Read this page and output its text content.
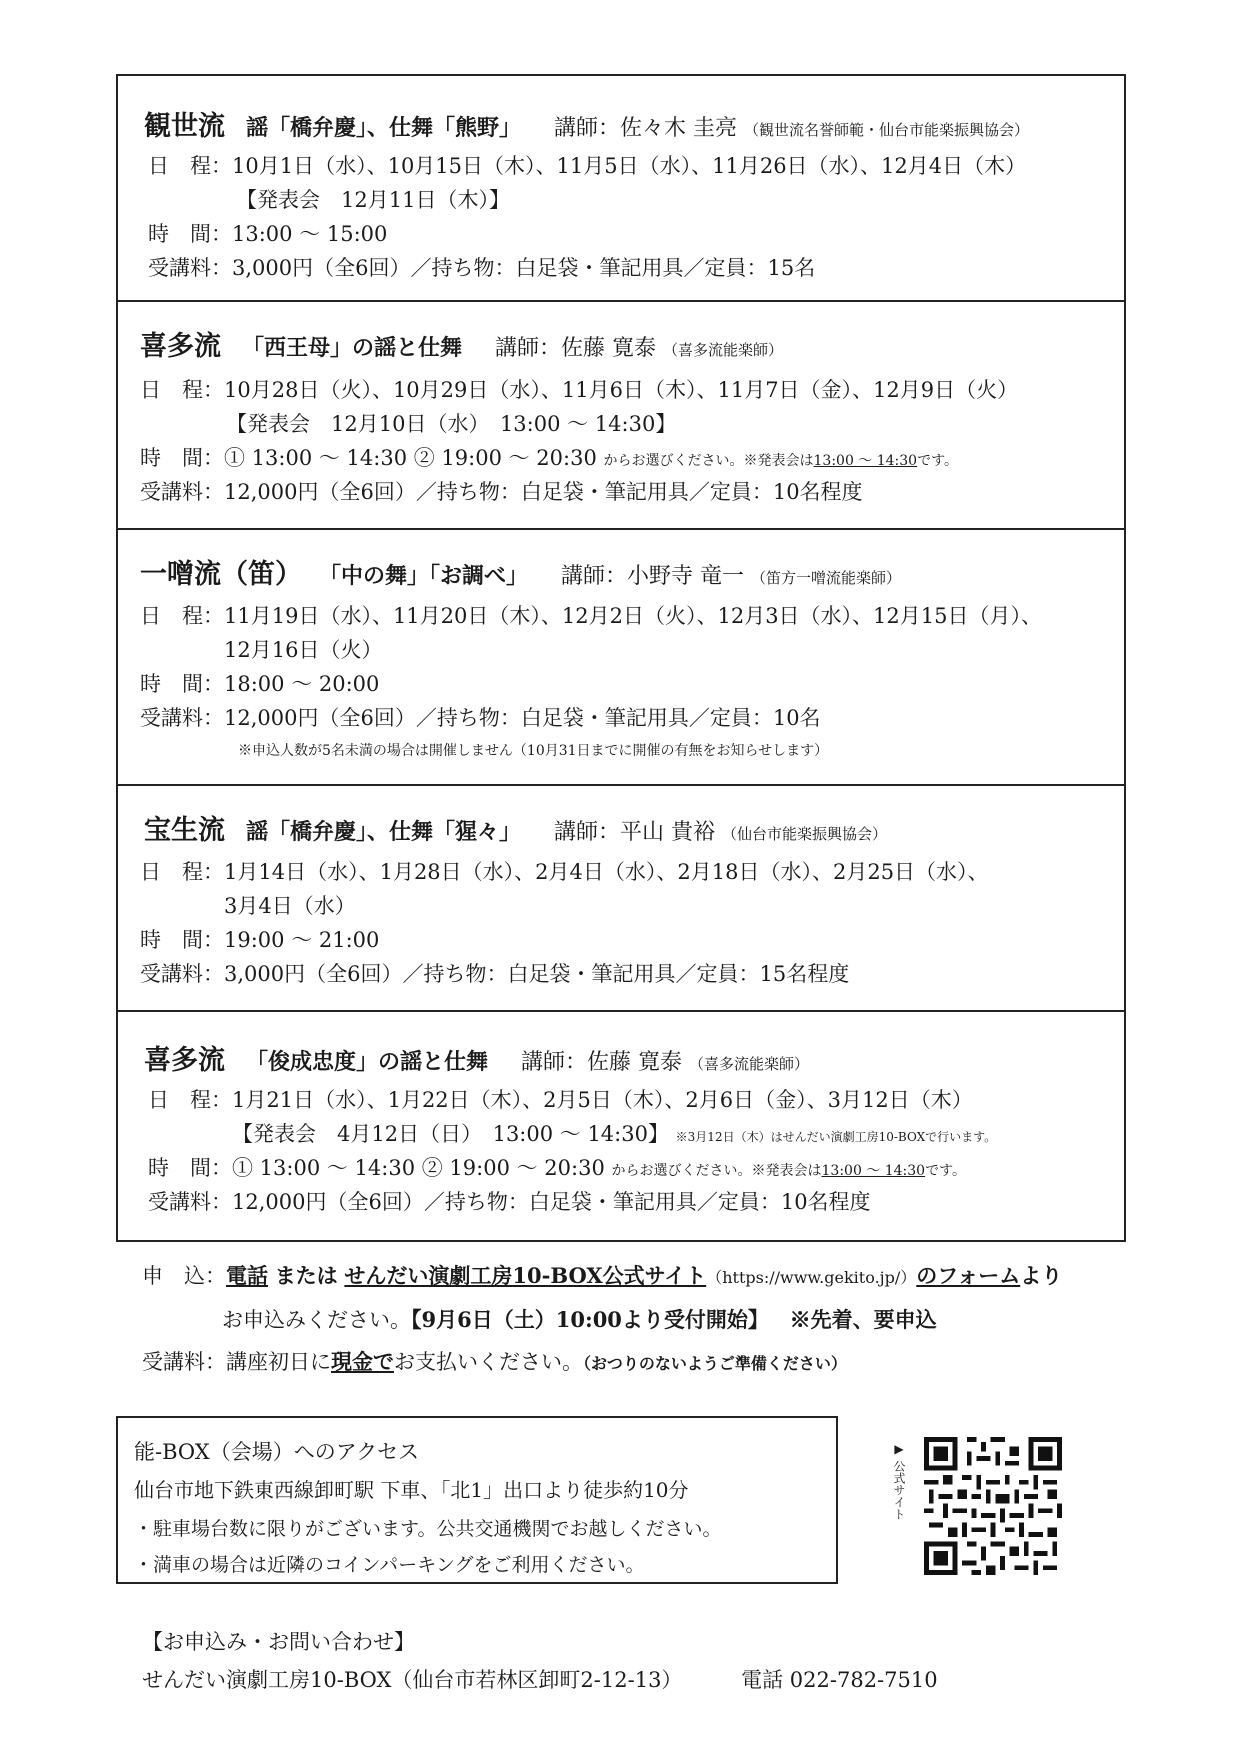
観世流 謡「橋弁慶」、仕舞「熊野」 講師：佐々木 圭亮 （観世流名誉師範・仙台市能楽振興協会）
日　程：10月1日（水）、10月15日（木）、11月5日（水）、11月26日（水）、12月4日（木）
【発表会　12月11日（木）】
時　間：13:00 〜 15:00
受講料：3,000円（全6回）／持ち物：白足袋・筆記用具／定員：15名
喜多流 「西王母」の謡と仕舞 講師：佐藤 寛泰 （喜多流能楽師）
日　程：10月28日（火）、10月29日（水）、11月6日（木）、11月7日（金）、12月9日（火）
【発表会　12月10日（水）　13:00 〜 14:30】
時　間：① 13:00 〜 14:30 ② 19:00 〜 20:30 からお選びください。※発表会は13:00 〜 14:30です。
受講料：12,000円（全6回）／持ち物：白足袋・筆記用具／定員：10名程度
一噌流（笛） 「中の舞」「お調べ」 講師：小野寺 竜一 （笛方一噌流能楽師）
日　程：11月19日（水）、11月20日（木）、12月2日（火）、12月3日（水）、12月15日（月）、
12月16日（火）
時　間：18:00 〜 20:00
受講料：12,000円（全6回）／持ち物：白足袋・筆記用具／定員：10名
※申込人数が5名未満の場合は開催しません（10月31日までに開催の有無をお知らせします）
宝生流 謡「橋弁慶」、仕舞「猩々」 講師：平山 貴裕 （仙台市能楽振興協会）
日　程：1月14日（水）、1月28日（水）、2月4日（水）、2月18日（水）、2月25日（水）、
3月4日（水）
時　間：19:00 〜 21:00
受講料：3,000円（全6回）／持ち物：白足袋・筆記用具／定員：15名程度
喜多流 「俊成忠度」の謡と仕舞 講師：佐藤 寛泰 （喜多流能楽師）
日　程：1月21日（水）、1月22日（木）、2月5日（木）、2月6日（金）、3月12日（木）
【発表会　4月12日（日）　13:00 〜 14:30】 ※3月12日（木）はせんだい演劇工房10-BOXで行います。
時　間：① 13:00 〜 14:30 ② 19:00 〜 20:30 からお選びください。※発表会は13:00 〜 14:30です。
受講料：12,000円（全6回）／持ち物：白足袋・筆記用具／定員：10名程度
申　込：電話 または せんだい演劇工房10-BOX公式サイト（https://www.gekito.jp/）のフォームより
お申込みください。【9月6日（土）10:00より受付開始】 ※先着、要申込
受講料：講座初日に現金でお支払いください。（おつりのないようご準備ください）
能-BOX（会場）へのアクセス
仙台市地下鉄東西線卸町駅 下車、「北1」出口より徒歩約10分
・駐車場台数に限りがございます。公共交通機関でお越しください。
・満車の場合は近隣のコインパーキングをご利用ください。
▶ 公式サイト
【お申込み・お問い合わせ】
せんだい演劇工房10-BOX（仙台市若林区卸町2-12-13）	電話 022-782-7510
